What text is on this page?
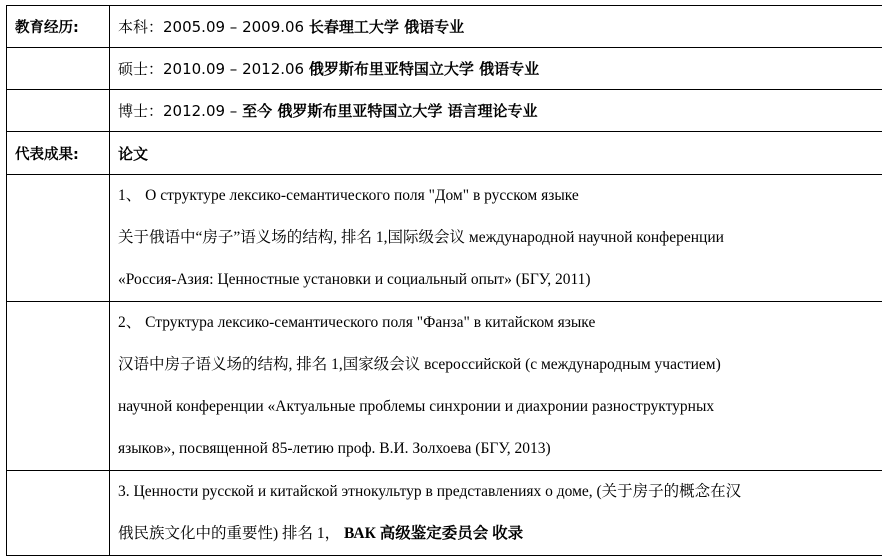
教育经历:	本科：2005.09 – 2009.06 长春理工大学 俄语专业
	硕士：2010.09 – 2012.06 俄罗斯布里亚特国立大学 俄语专业
	博士：2012.09 – 至今 俄罗斯布里亚特国立大学 语言理论专业
代表成果:	论文

	1、 О структуре лексико-семантического поля "Дом" в русском языке
关于俄语中“房子”语义场的结构, 排名 1,国际级会议 международной научной конференции
«Россия-Азия: Ценностные установки и социальный опыт» (БГУ, 2011)

	2、 Структура лексико-семантического поля "Фанза" в китайском языке
汉语中房子语义场的结构, 排名 1,国家级会议 всероссийской (с международным участием)
научной конференции «Актуальные проблемы синхронии и диахронии разноструктурных
языков», посвященной 85-летию проф. В.И. Золхоева (БГУ, 2013)

	3. Ценности русской и китайской этнокультур в представлениях о доме, (关于房子的概念在汉
俄民族文化中的重要性) 排名 1， ВАК 高级鉴定委员会 收录
